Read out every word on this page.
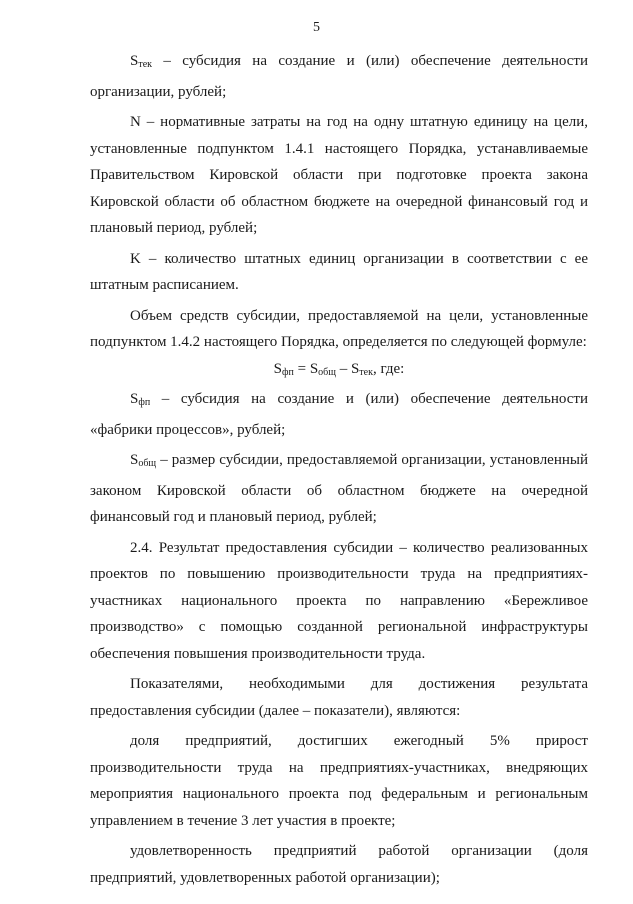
5

$S_{тек}$ – субсидия на создание и (или) обеспечение деятельности организации, рублей;

N – нормативные затраты на год на одну штатную единицу на цели, установленные подпунктом 1.4.1 настоящего Порядка, устанавливаемые Правительством Кировской области при подготовке проекта закона Кировской области об областном бюджете на очередной финансовый год и плановый период, рублей;

K – количество штатных единиц организации в соответствии с ее штатным расписанием.

Объем средств субсидии, предоставляемой на цели, установленные подпунктом 1.4.2 настоящего Порядка, определяется по следующей формуле:

$S_{фп} = S_{общ} - S_{тек}$, где:

$S_{фп}$ – субсидия на создание и (или) обеспечение деятельности «фабрики процессов», рублей;

$S_{общ}$ – размер субсидии, предоставляемой организации, установленный законом Кировской области об областном бюджете на очередной финансовый год и плановый период, рублей;

2.4. Результат предоставления субсидии – количество реализованных проектов по повышению производительности труда на предприятиях-участниках национального проекта по направлению «Бережливое производство» с помощью созданной региональной инфраструктуры обеспечения повышения производительности труда.

Показателями, необходимыми для достижения результата предоставления субсидии (далее – показатели), являются:

доля предприятий, достигших ежегодный 5% прирост производительности труда на предприятиях-участниках, внедряющих мероприятия национального проекта под федеральным и региональным управлением в течение 3 лет участия в проекте;

удовлетворенность предприятий работой организации (доля предприятий, удовлетворенных работой организации);
